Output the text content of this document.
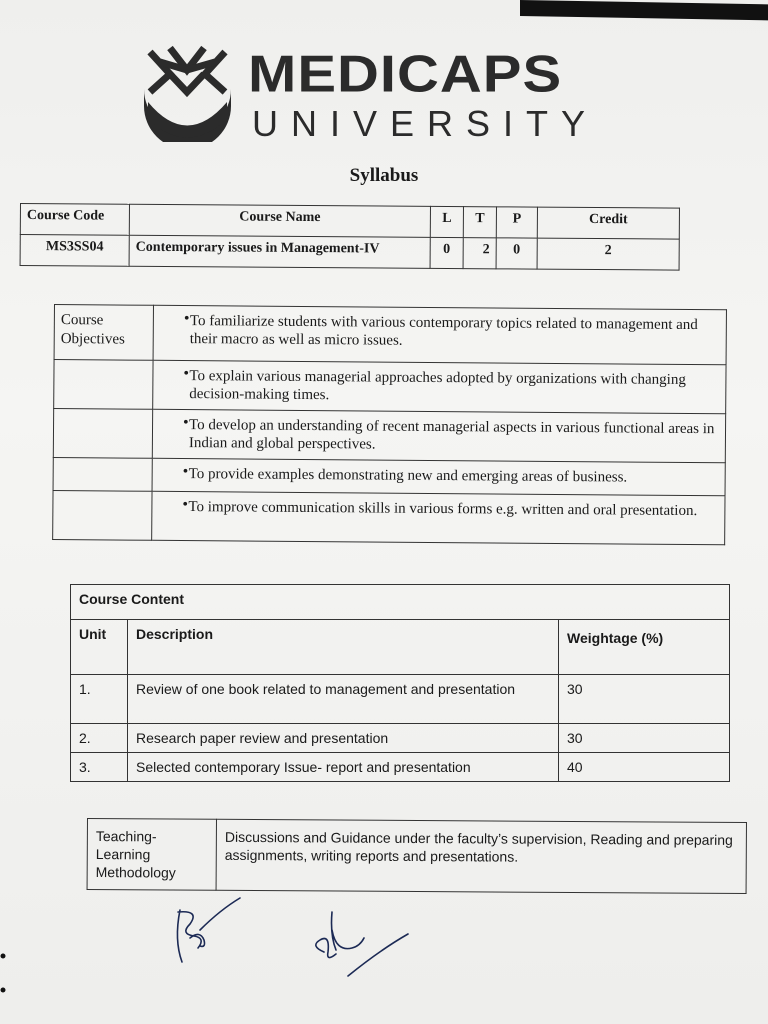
MEDICAPS
UNIVERSITY
Syllabus
Course Code	Course Name	L	T	P	Credit
MS3SS04	Contemporary issues in Management-IV	0	2	0	2
Course Objectives	• To familiarize students with various contemporary topics related to management and their macro as well as micro issues.
	• To explain various managerial approaches adopted by organizations with changing decision-making times.
	• To develop an understanding of recent managerial aspects in various functional areas in Indian and global perspectives.
	• To provide examples demonstrating new and emerging areas of business.
	• To improve communication skills in various forms e.g. written and oral presentation.
Course Content		
Unit	Description	Weightage (%)
1.	Review of one book related to management and presentation	30
2.	Research paper review and presentation	30
3.	Selected contemporary Issue- report and presentation	40
Teaching-Learning Methodology	Discussions and Guidance under the faculty’s supervision, Reading and preparing assignments, writing reports and presentations.
